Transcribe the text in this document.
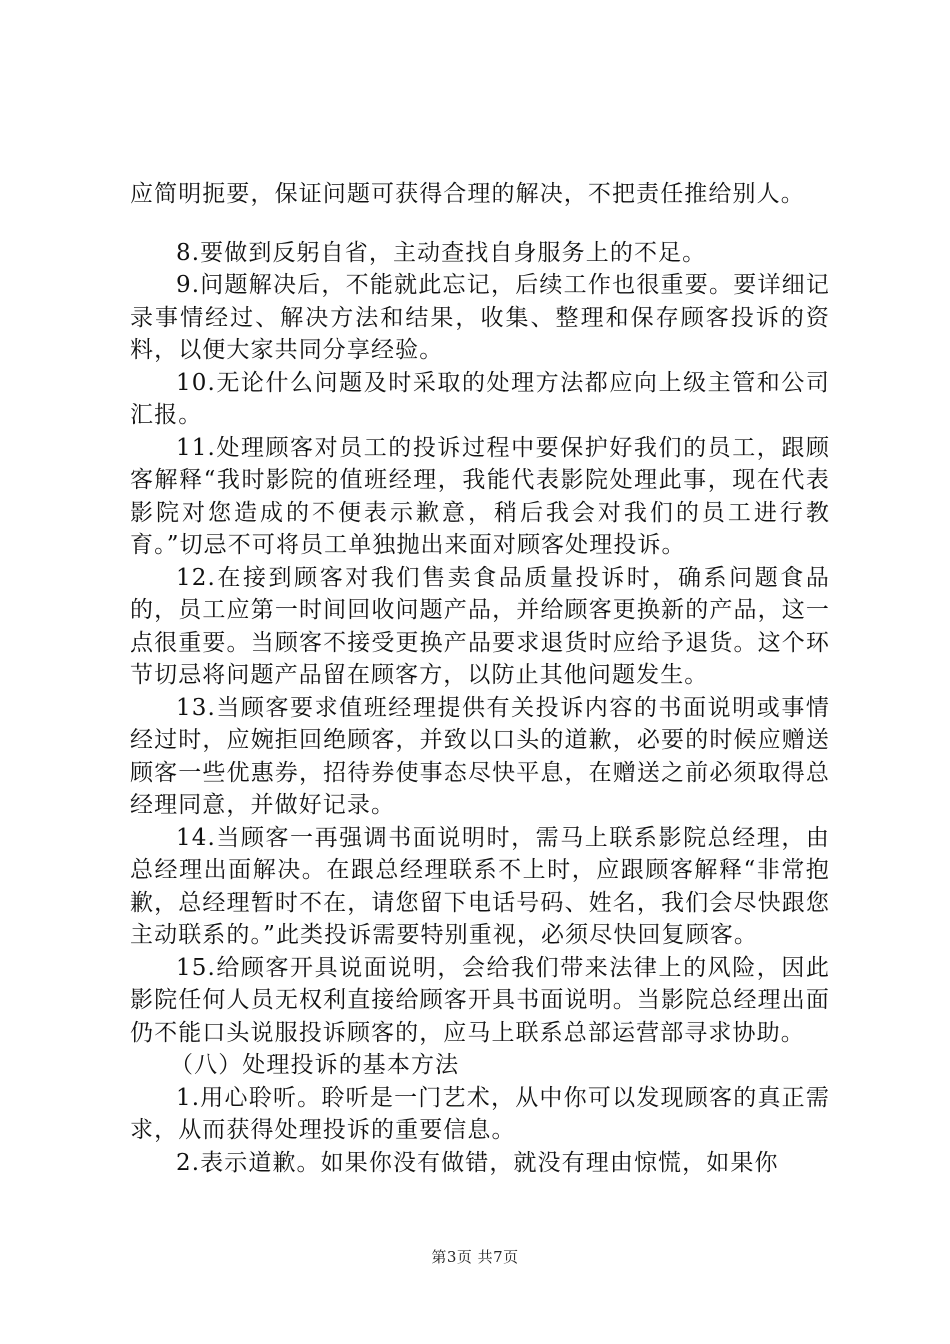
应简明扼要，保证问题可获得合理的解决，不把责任推给别人。

8.要做到反躬自省，主动查找自身服务上的不足。

9.问题解决后，不能就此忘记，后续工作也很重要。要详细记录事情经过、解决方法和结果，收集、整理和保存顾客投诉的资料，以便大家共同分享经验。

10.无论什么问题及时采取的处理方法都应向上级主管和公司汇报。

11.处理顾客对员工的投诉过程中要保护好我们的员工，跟顾客解释“我时影院的值班经理，我能代表影院处理此事，现在代表影院对您造成的不便表示歉意，稍后我会对我们的员工进行教育。”切忌不可将员工单独抛出来面对顾客处理投诉。

12.在接到顾客对我们售卖食品质量投诉时，确系问题食品的，员工应第一时间回收问题产品，并给顾客更换新的产品，这一点很重要。当顾客不接受更换产品要求退货时应给予退货。这个环节切忌将问题产品留在顾客方，以防止其他问题发生。

13.当顾客要求值班经理提供有关投诉内容的书面说明或事情经过时，应婉拒回绝顾客，并致以口头的道歉，必要的时候应赠送顾客一些优惠券，招待券使事态尽快平息，在赠送之前必须取得总经理同意，并做好记录。

14.当顾客一再强调书面说明时，需马上联系影院总经理，由总经理出面解决。在跟总经理联系不上时，应跟顾客解释“非常抱歉，总经理暂时不在，请您留下电话号码、姓名，我们会尽快跟您主动联系的。”此类投诉需要特别重视，必须尽快回复顾客。

15.给顾客开具说面说明，会给我们带来法律上的风险，因此影院任何人员无权利直接给顾客开具书面说明。当影院总经理出面仍不能口头说服投诉顾客的，应马上联系总部运营部寻求协助。

（八）处理投诉的基本方法

1.用心聆听。聆听是一门艺术，从中你可以发现顾客的真正需求，从而获得处理投诉的重要信息。

2.表示道歉。如果你没有做错，就没有理由惊慌，如果你

第3页 共7页
